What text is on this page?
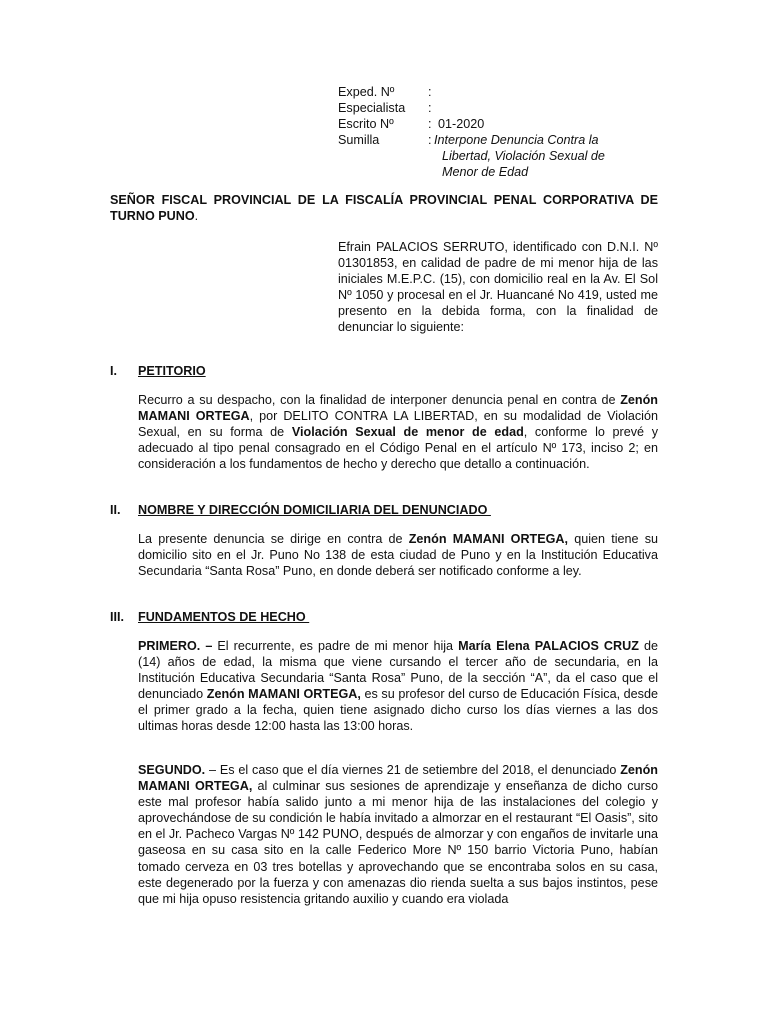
Exped. Nº	:
Especialista	:
Escrito Nº	: 01-2020
Sumilla	: Interpone Denuncia Contra la
Libertad, Violación Sexual de
Menor de Edad
SEÑOR FISCAL PROVINCIAL DE LA FISCALÍA PROVINCIAL PENAL CORPORATIVA DE TURNO PUNO.
Efrain PALACIOS SERRUTO, identificado con D.N.I. Nº 01301853, en calidad de padre de mi menor hija de las iniciales M.E.P.C. (15), con domicilio real en la Av. El Sol Nº 1050 y procesal en el Jr. Huancané No 419, usted me presento en la debida forma, con la finalidad de denunciar lo siguiente:
I.	PETITORIO
Recurro a su despacho, con la finalidad de interponer denuncia penal en contra de Zenón MAMANI ORTEGA, por DELITO CONTRA LA LIBERTAD, en su modalidad de Violación Sexual, en su forma de Violación Sexual de menor de edad, conforme lo prevé y adecuado al tipo penal consagrado en el Código Penal en el artículo Nº 173, inciso 2; en consideración a los fundamentos de hecho y derecho que detallo a continuación.
II.	NOMBRE Y DIRECCIÓN DOMICILIARIA DEL DENUNCIADO
La presente denuncia se dirige en contra de Zenón MAMANI ORTEGA, quien tiene su domicilio sito en el Jr. Puno No 138 de esta ciudad de Puno y en la Institución Educativa Secundaria “Santa Rosa” Puno, en donde deberá ser notificado conforme a ley.
III.	FUNDAMENTOS DE HECHO
PRIMERO. – El recurrente, es padre de mi menor hija María Elena PALACIOS CRUZ de (14) años de edad, la misma que viene cursando el tercer año de secundaria, en la Institución Educativa Secundaria “Santa Rosa” Puno, de la sección “A”, da el caso que el denunciado Zenón MAMANI ORTEGA, es su profesor del curso de Educación Física, desde el primer grado a la fecha, quien tiene asignado dicho curso los días viernes a las dos ultimas horas desde 12:00 hasta las 13:00 horas.
SEGUNDO. – Es el caso que el día viernes 21 de setiembre del 2018, el denunciado Zenón MAMANI ORTEGA, al culminar sus sesiones de aprendizaje y enseñanza de dicho curso este mal profesor había salido junto a mi menor hija de las instalaciones del colegio y aprovechándose de su condición le había invitado a almorzar en el restaurant “El Oasis”, sito en el Jr. Pacheco Vargas Nº 142 PUNO, después de almorzar y con engaños de invitarle una gaseosa en su casa sito en la calle Federico More Nº 150 barrio Victoria Puno, habían tomado cerveza en 03 tres botellas y aprovechando que se encontraba solos en su casa, este degenerado por la fuerza y con amenazas dio rienda suelta a sus bajos instintos, pese que mi hija opuso resistencia gritando auxilio y cuando era violada
